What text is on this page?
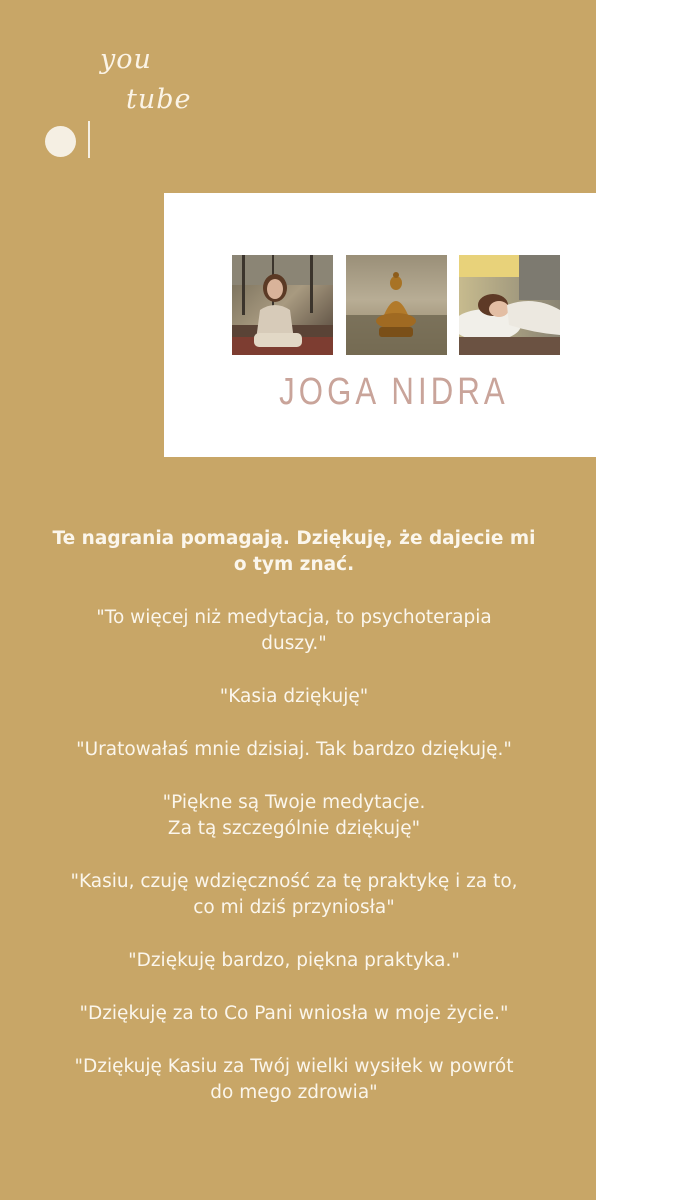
you
tube
JOGA NIDRA

Te nagrania pomagają. Dziękuję, że dajecie mi
o tym znać.

"To więcej niż medytacja, to psychoterapia
duszy."

"Kasia dziękuję"

"Uratowałaś mnie dzisiaj. Tak bardzo dziękuję."

"Piękne są Twoje medytacje.
Za tą szczególnie dziękuję"

"Kasiu, czuję wdzięczność za tę praktykę i za to,
co mi dziś przyniosła"

"Dziękuję bardzo, piękna praktyka."

"Dziękuję za to Co Pani wniosła w moje życie."

"Dziękuję Kasiu za Twój wielki wysiłek w powrót
do mego zdrowia"
